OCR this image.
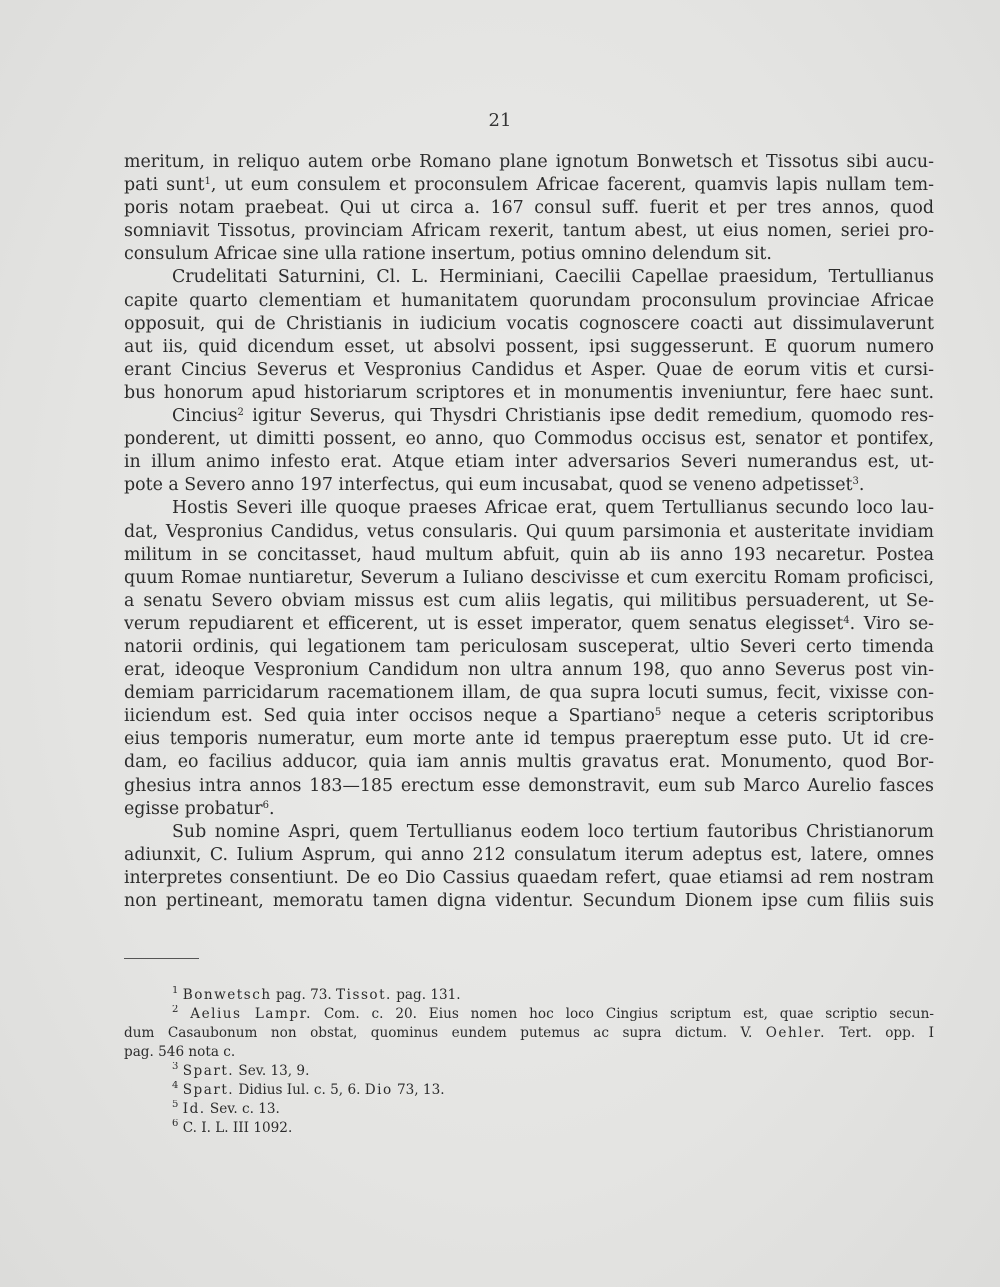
21
meritum, in reliquo autem orbe Romano plane ignotum Bonwetsch et Tissotus sibi aucu-
pati sunt$^1$, ut eum consulem et proconsulem Africae facerent, quamvis lapis nullam tem-
poris notam praebeat. Qui ut circa a. 167 consul suff. fuerit et per tres annos, quod
somniavit Tissotus, provinciam Africam rexerit, tantum abest, ut eius nomen, seriei pro-
consulum Africae sine ulla ratione insertum, potius omnino delendum sit.
Crudelitati Saturnini, Cl. L. Herminiani, Caecilii Capellae praesidum, Tertullianus
capite quarto clementiam et humanitatem quorundam proconsulum provinciae Africae
opposuit, qui de Christianis in iudicium vocatis cognoscere coacti aut dissimulaverunt
aut iis, quid dicendum esset, ut absolvi possent, ipsi suggesserunt. E quorum numero
erant Cincius Severus et Vespronius Candidus et Asper. Quae de eorum vitis et cursi-
bus honorum apud historiarum scriptores et in monumentis inveniuntur, fere haec sunt.
Cincius$^2$ igitur Severus, qui Thysdri Christianis ipse dedit remedium, quomodo res-
ponderent, ut dimitti possent, eo anno, quo Commodus occisus est, senator et pontifex,
in illum animo infesto erat. Atque etiam inter adversarios Severi numerandus est, ut-
pote a Severo anno 197 interfectus, qui eum incusabat, quod se veneno adpetisset$^3$.
Hostis Severi ille quoque praeses Africae erat, quem Tertullianus secundo loco lau-
dat, Vespronius Candidus, vetus consularis. Qui quum parsimonia et austeritate invidiam
militum in se concitasset, haud multum abfuit, quin ab iis anno 193 necaretur. Postea
quum Romae nuntiaretur, Severum a Iuliano descivisse et cum exercitu Romam proficisci,
a senatu Severo obviam missus est cum aliis legatis, qui militibus persuaderent, ut Se-
verum repudiarent et efficerent, ut is esset imperator, quem senatus elegisset$^4$. Viro se-
natorii ordinis, qui legationem tam periculosam susceperat, ultio Severi certo timenda
erat, ideoque Vespronium Candidum non ultra annum 198, quo anno Severus post vin-
demiam parricidarum racemationem illam, de qua supra locuti sumus, fecit, vixisse con-
iiciendum est. Sed quia inter occisos neque a Spartiano$^5$ neque a ceteris scriptoribus
eius temporis numeratur, eum morte ante id tempus praereptum esse puto. Ut id cre-
dam, eo facilius adducor, quia iam annis multis gravatus erat. Monumento, quod Bor-
ghesius intra annos 183—185 erectum esse demonstravit, eum sub Marco Aurelio fasces
egisse probatur$^6$.
Sub nomine Aspri, quem Tertullianus eodem loco tertium fautoribus Christianorum
adiunxit, C. Iulium Asprum, qui anno 212 consulatum iterum adeptus est, latere, omnes
interpretes consentiunt. De eo Dio Cassius quaedam refert, quae etiamsi ad rem nostram
non pertineant, memoratu tamen digna videntur. Secundum Dionem ipse cum filiis suis
$^1$ Bonwetsch pag. 73. Tissot. pag. 131.
$^2$ Aelius Lampr. Com. c. 20. Eius nomen hoc loco Cingius scriptum est, quae scriptio secun-
dum Casaubonum non obstat, quominus eundem putemus ac supra dictum. V. Oehler. Tert. opp. I
pag. 546 nota c.
$^3$ Spart. Sev. 13, 9.
$^4$ Spart. Didius Iul. c. 5, 6. Dio 73, 13.
$^5$ Id. Sev. c. 13.
$^6$ C. I. L. III 1092.
